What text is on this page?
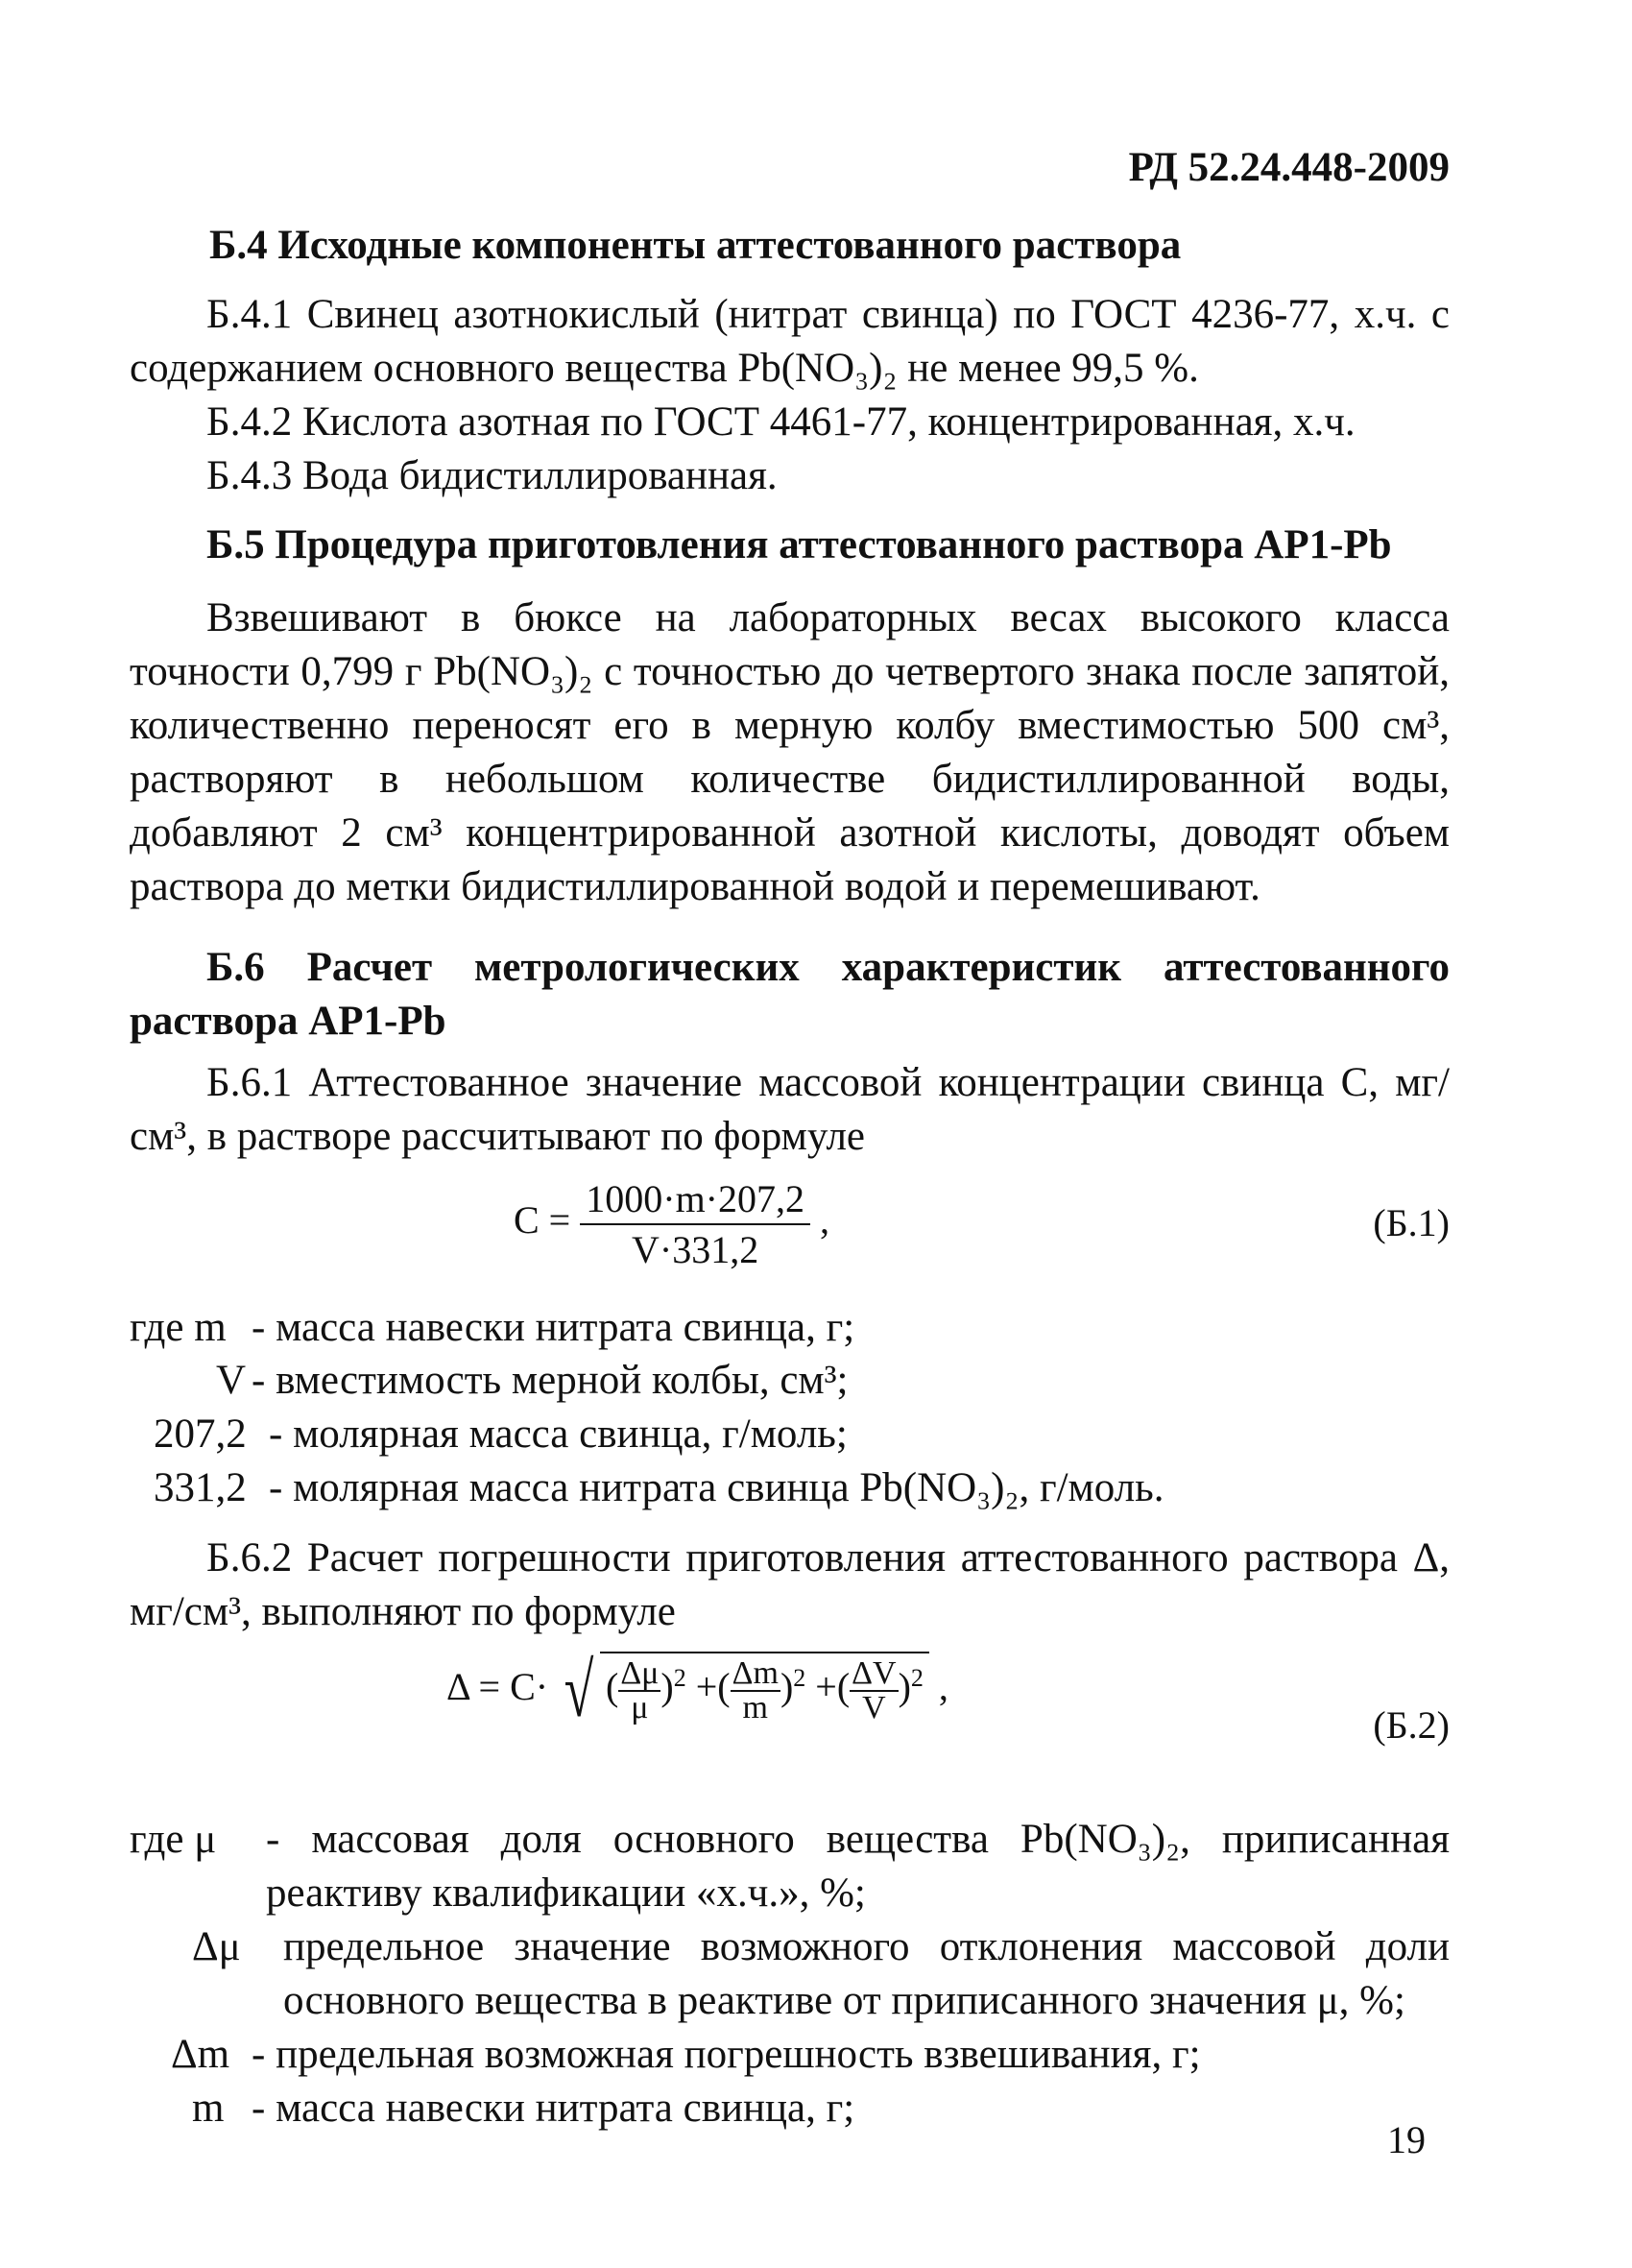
РД 52.24.448-2009
Б.4 Исходные компоненты аттестованного раствора
Б.4.1 Свинец азотнокислый (нитрат свинца) по ГОСТ 4236-77, х.ч. с содержанием основного вещества Pb(NO₃)₂ не менее 99,5 %.
Б.4.2 Кислота азотная по ГОСТ 4461-77, концентрированная, х.ч.
Б.4.3 Вода бидистиллированная.
Б.5 Процедура приготовления аттестованного раствора АР1-Pb
Взвешивают в бюксе на лабораторных весах высокого класса точности 0,799 г Pb(NO₃)₂ с точностью до четвертого знака после запятой, количественно переносят его в мерную колбу вместимостью 500 см³, растворяют в небольшом количестве бидистиллированной воды, добавляют 2 см³ концентрированной азотной кислоты, доводят объем раствора до метки бидистиллированной водой и перемешивают.
Б.6 Расчет метрологических характеристик аттестованного раствора АР1-Pb
Б.6.1 Аттестованное значение массовой концентрации свинца С, мг/см³, в растворе рассчитывают по формуле
$C = \frac{1000\cdot m\cdot 207,2}{V\cdot 331,2}$ ,	(Б.1)
где m - масса навески нитрата свинца, г;
V - вместимость мерной колбы, см³;
207,2 - молярная масса свинца, г/моль;
331,2 - молярная масса нитрата свинца Pb(NO₃)₂, г/моль.
Б.6.2 Расчет погрешности приготовления аттестованного раствора Δ, мг/см³, выполняют по формуле
Δ = C· √ ( $\frac{\Delta\mu}{\mu} )^2$ +( $\frac{\Delta m}{m} )^2$ +( $\frac{\Delta V}{V} )^2$ ,
(Б.2)
где μ	- массовая доля основного вещества Pb(NO₃)₂, приписанная реактиву квалификации «х.ч.», %;
Δμ предельное значение возможного отклонения массовой доли основного вещества в реактиве от приписанного значения μ, %;
Δm - предельная возможная погрешность взвешивания, г;
m - масса навески нитрата свинца, г;
19
